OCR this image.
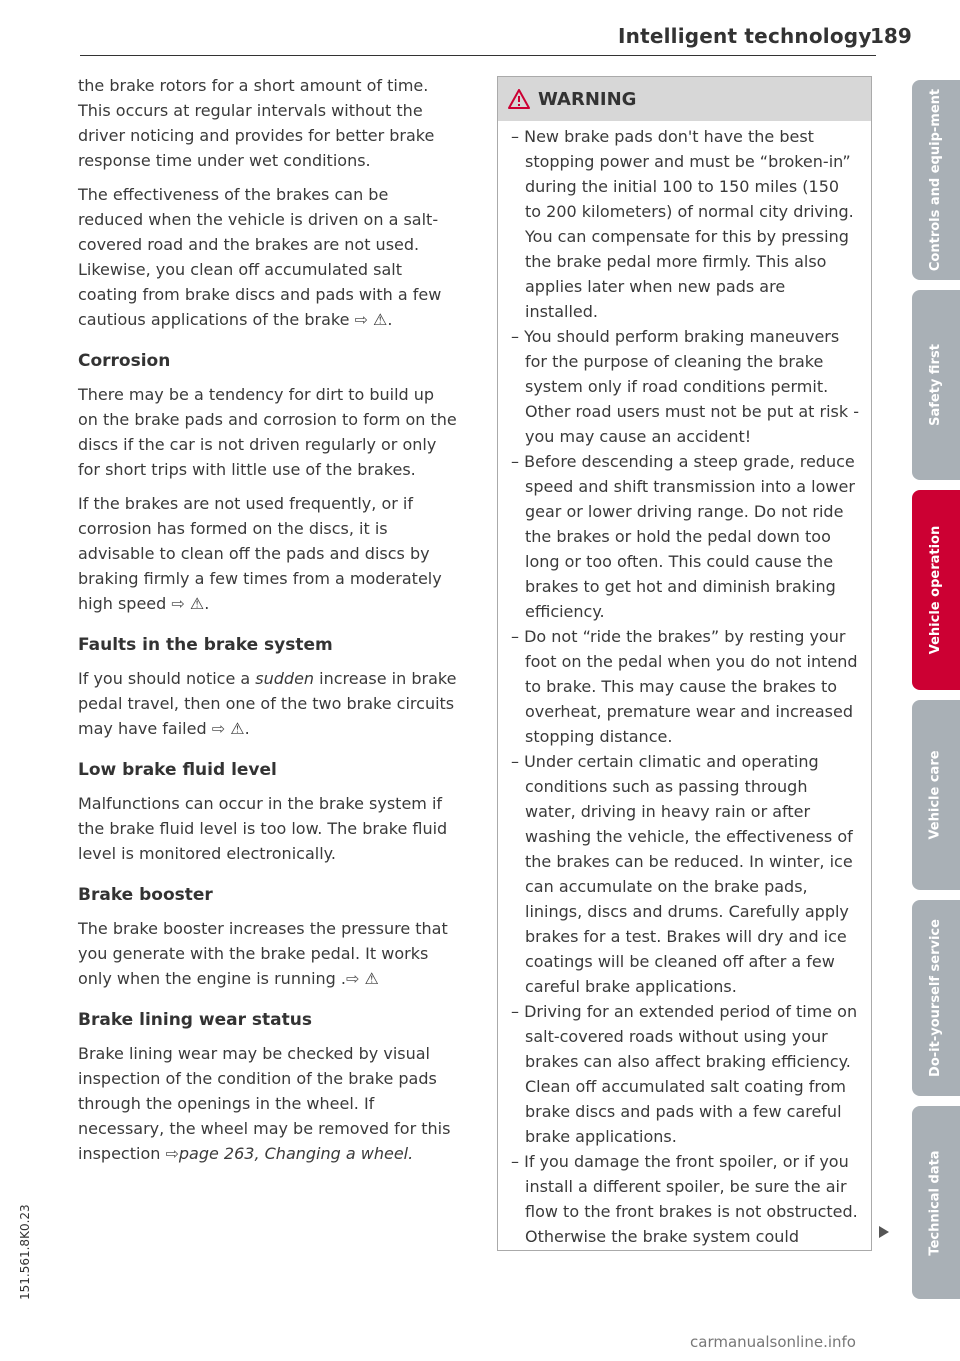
Intelligent technology
189

the brake rotors for a short amount of time. This occurs at regular intervals without the driver noticing and provides for better brake response time under wet conditions.

The effectiveness of the brakes can be reduced when the vehicle is driven on a salt-covered road and the brakes are not used. Likewise, you clean off accumulated salt coating from brake discs and pads with a few cautious applications of the brake ⇨ ⚠.

Corrosion

There may be a tendency for dirt to build up on the brake pads and corrosion to form on the discs if the car is not driven regularly or only for short trips with little use of the brakes.

If the brakes are not used frequently, or if corrosion has formed on the discs, it is advisable to clean off the pads and discs by braking firmly a few times from a moderately high speed ⇨ ⚠.

Faults in the brake system

If you should notice a sudden increase in brake pedal travel, then one of the two brake circuits may have failed ⇨ ⚠.

Low brake fluid level

Malfunctions can occur in the brake system if the brake fluid level is too low. The brake fluid level is monitored electronically.

Brake booster

The brake booster increases the pressure that you generate with the brake pedal. It works only when the engine is running .⇨ ⚠

Brake lining wear status

Brake lining wear may be checked by visual inspection of the condition of the brake pads through the openings in the wheel. If necessary, the wheel may be removed for this inspection ⇨page 263, Changing a wheel.

WARNING
– New brake pads don't have the best stopping power and must be “broken-in” during the initial 100 to 150 miles (150 to 200 kilometers) of normal city driving. You can compensate for this by pressing the brake pedal more firmly. This also applies later when new pads are installed.
– You should perform braking maneuvers for the purpose of cleaning the brake system only if road conditions permit. Other road users must not be put at risk - you may cause an accident!
– Before descending a steep grade, reduce speed and shift transmission into a lower gear or lower driving range. Do not ride the brakes or hold the pedal down too long or too often. This could cause the brakes to get hot and diminish braking efficiency.
– Do not “ride the brakes” by resting your foot on the pedal when you do not intend to brake. This may cause the brakes to overheat, premature wear and increased stopping distance.
– Under certain climatic and operating conditions such as passing through water, driving in heavy rain or after washing the vehicle, the effectiveness of the brakes can be reduced. In winter, ice can accumulate on the brake pads, linings, discs and drums. Carefully apply brakes for a test. Brakes will dry and ice coatings will be cleaned off after a few careful brake applications.
– Driving for an extended period of time on salt-covered roads without using your brakes can also affect braking efficiency. Clean off accumulated salt coating from brake discs and pads with a few careful brake applications.
– If you damage the front spoiler, or if you install a different spoiler, be sure the air flow to the front brakes is not obstructed. Otherwise the brake system could
Controls and equip-ment
Safety first
Vehicle operation
Vehicle care
Do-it-yourself service
Technical data
151.561.8K0.23
carmanualsonline.info
